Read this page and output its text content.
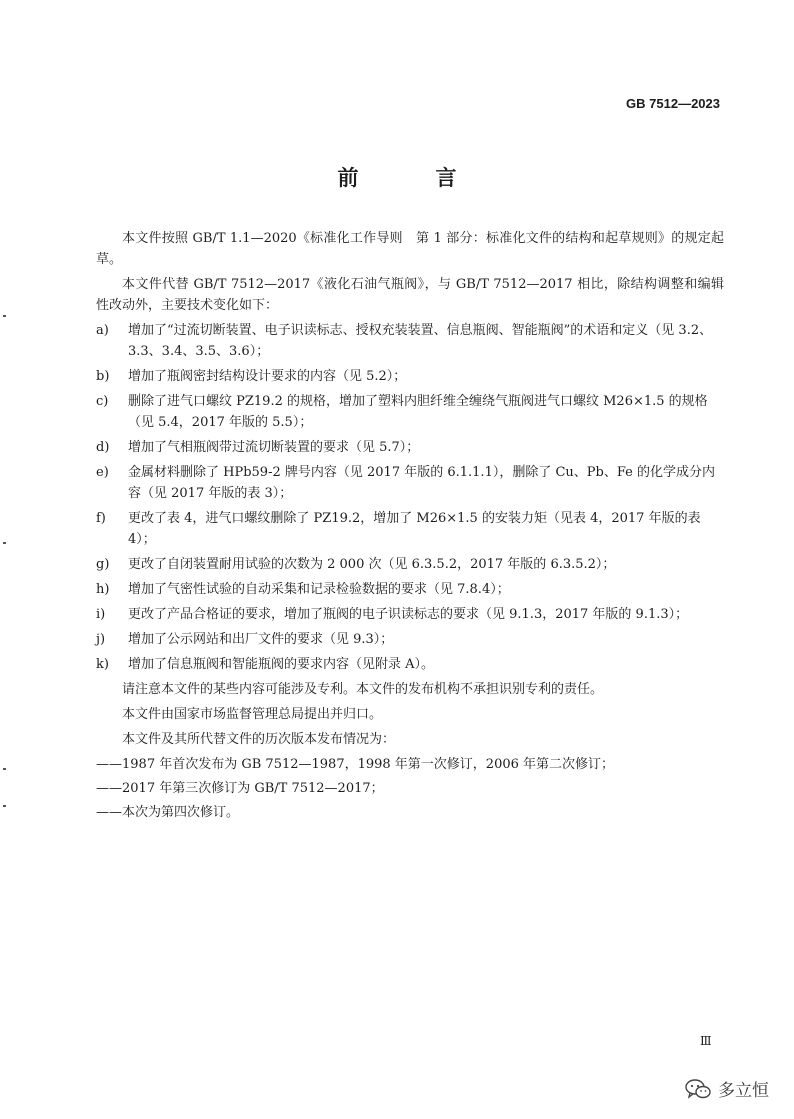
GB 7512—2023
前　言

本文件按照 GB/T 1.1—2020《标准化工作导则　第 1 部分：标准化文件的结构和起草规则》的规定起草。

本文件代替 GB/T 7512—2017《液化石油气瓶阀》，与 GB/T 7512—2017 相比，除结构调整和编辑性改动外，主要技术变化如下：

a)	增加了“过流切断装置、电子识读标志、授权充装装置、信息瓶阀、智能瓶阀”的术语和定义（见 3.2、3.3、3.4、3.5、3.6）；
b)	增加了瓶阀密封结构设计要求的内容（见 5.2）；
c)	删除了进气口螺纹 PZ19.2 的规格，增加了塑料内胆纤维全缠绕气瓶阀进气口螺纹 M26×1.5 的规格（见 5.4，2017 年版的 5.5）；
d)	增加了气相瓶阀带过流切断装置的要求（见 5.7）；
e)	金属材料删除了 HPb59-2 牌号内容（见 2017 年版的 6.1.1.1），删除了 Cu、Pb、Fe 的化学成分内容（见 2017 年版的表 3）；
f)	更改了表 4，进气口螺纹删除了 PZ19.2，增加了 M26×1.5 的安装力矩（见表 4，2017 年版的表 4）；
g)	更改了自闭装置耐用试验的次数为 2 000 次（见 6.3.5.2，2017 年版的 6.3.5.2）；
h)	增加了气密性试验的自动采集和记录检验数据的要求（见 7.8.4）；
i)	更改了产品合格证的要求，增加了瓶阀的电子识读标志的要求（见 9.1.3，2017 年版的 9.1.3）；
j)	增加了公示网站和出厂文件的要求（见 9.3）；
k)	增加了信息瓶阀和智能瓶阀的要求内容（见附录 A）。

请注意本文件的某些内容可能涉及专利。本文件的发布机构不承担识别专利的责任。

本文件由国家市场监督管理总局提出并归口。

本文件及其所代替文件的历次版本发布情况为：

——1987 年首次发布为 GB 7512—1987，1998 年第一次修订，2006 年第二次修订；
——2017 年第三次修订为 GB/T 7512—2017；
——本次为第四次修订。
Ⅲ
多立恒
